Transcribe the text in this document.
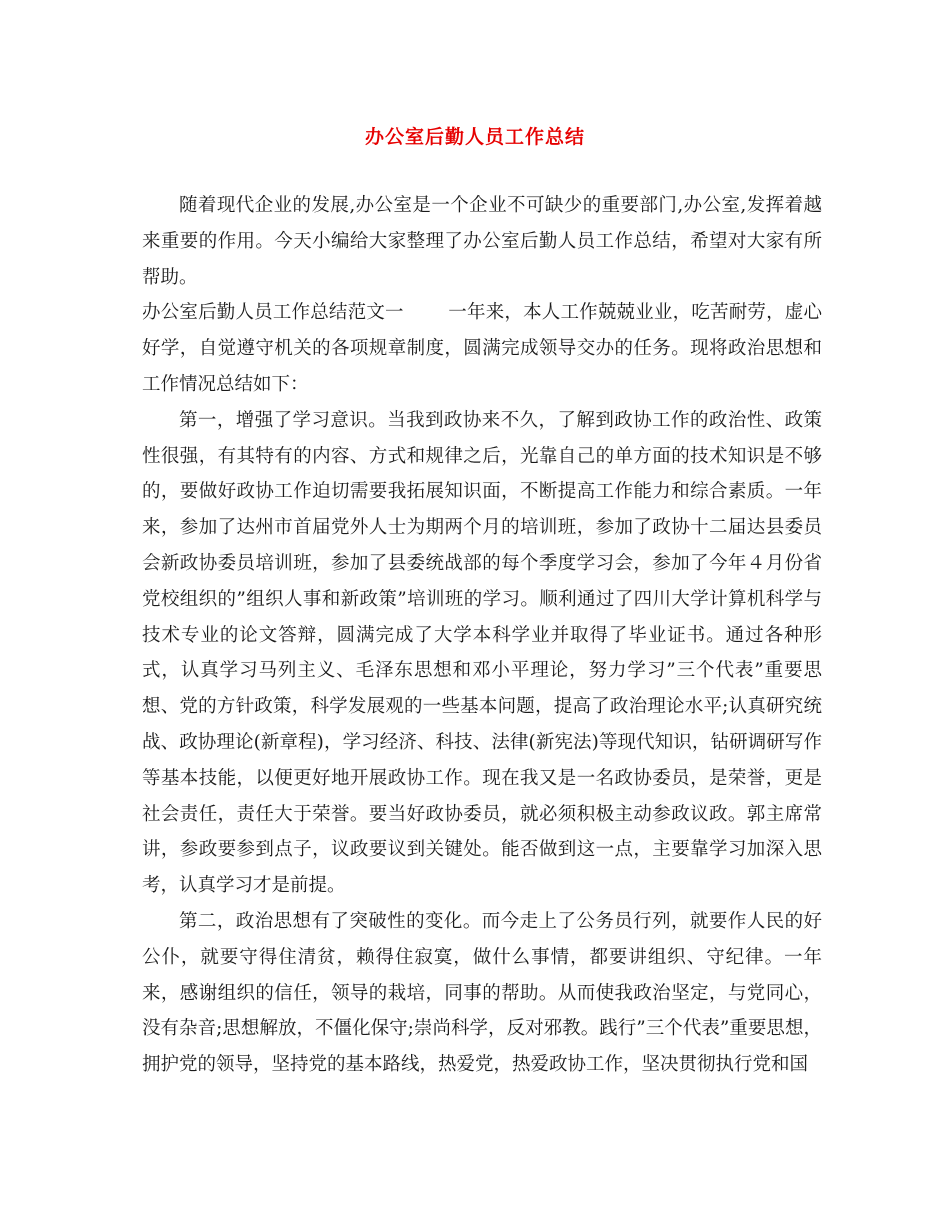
办公室后勤人员工作总结

随着现代企业的发展,办公室是一个企业不可缺少的重要部门,办公室,发挥着越来重要的作用。今天小编给大家整理了办公室后勤人员工作总结，希望对大家有所帮助。

办公室后勤人员工作总结范文一 一年来，本人工作兢兢业业，吃苦耐劳，虚心好学，自觉遵守机关的各项规章制度，圆满完成领导交办的任务。现将政治思想和工作情况总结如下：

第一，增强了学习意识。当我到政协来不久，了解到政协工作的政治性、政策性很强，有其特有的内容、方式和规律之后，光靠自己的单方面的技术知识是不够的，要做好政协工作迫切需要我拓展知识面，不断提高工作能力和综合素质。一年来，参加了达州市首届党外人士为期两个月的培训班，参加了政协十二届达县委员会新政协委员培训班，参加了县委统战部的每个季度学习会，参加了今年４月份省党校组织的”组织人事和新政策”培训班的学习。顺利通过了四川大学计算机科学与技术专业的论文答辩，圆满完成了大学本科学业并取得了毕业证书。通过各种形式，认真学习马列主义、毛泽东思想和邓小平理论，努力学习”三个代表”重要思想、党的方针政策，科学发展观的一些基本问题，提高了政治理论水平;认真研究统战、政协理论(新章程)，学习经济、科技、法律(新宪法)等现代知识，钻研调研写作等基本技能，以便更好地开展政协工作。现在我又是一名政协委员，是荣誉，更是社会责任，责任大于荣誉。要当好政协委员，就必须积极主动参政议政。郭主席常讲，参政要参到点子，议政要议到关键处。能否做到这一点，主要靠学习加深入思考，认真学习才是前提。

第二，政治思想有了突破性的变化。而今走上了公务员行列，就要作人民的好公仆，就要守得住清贫，赖得住寂寞，做什么事情，都要讲组织、守纪律。一年来，感谢组织的信任，领导的栽培，同事的帮助。从而使我政治坚定，与党同心，没有杂音;思想解放，不僵化保守;崇尚科学，反对邪教。践行”三个代表”重要思想，拥护党的领导，坚持党的基本路线，热爱党，热爱政协工作，坚决贯彻执行党和国
